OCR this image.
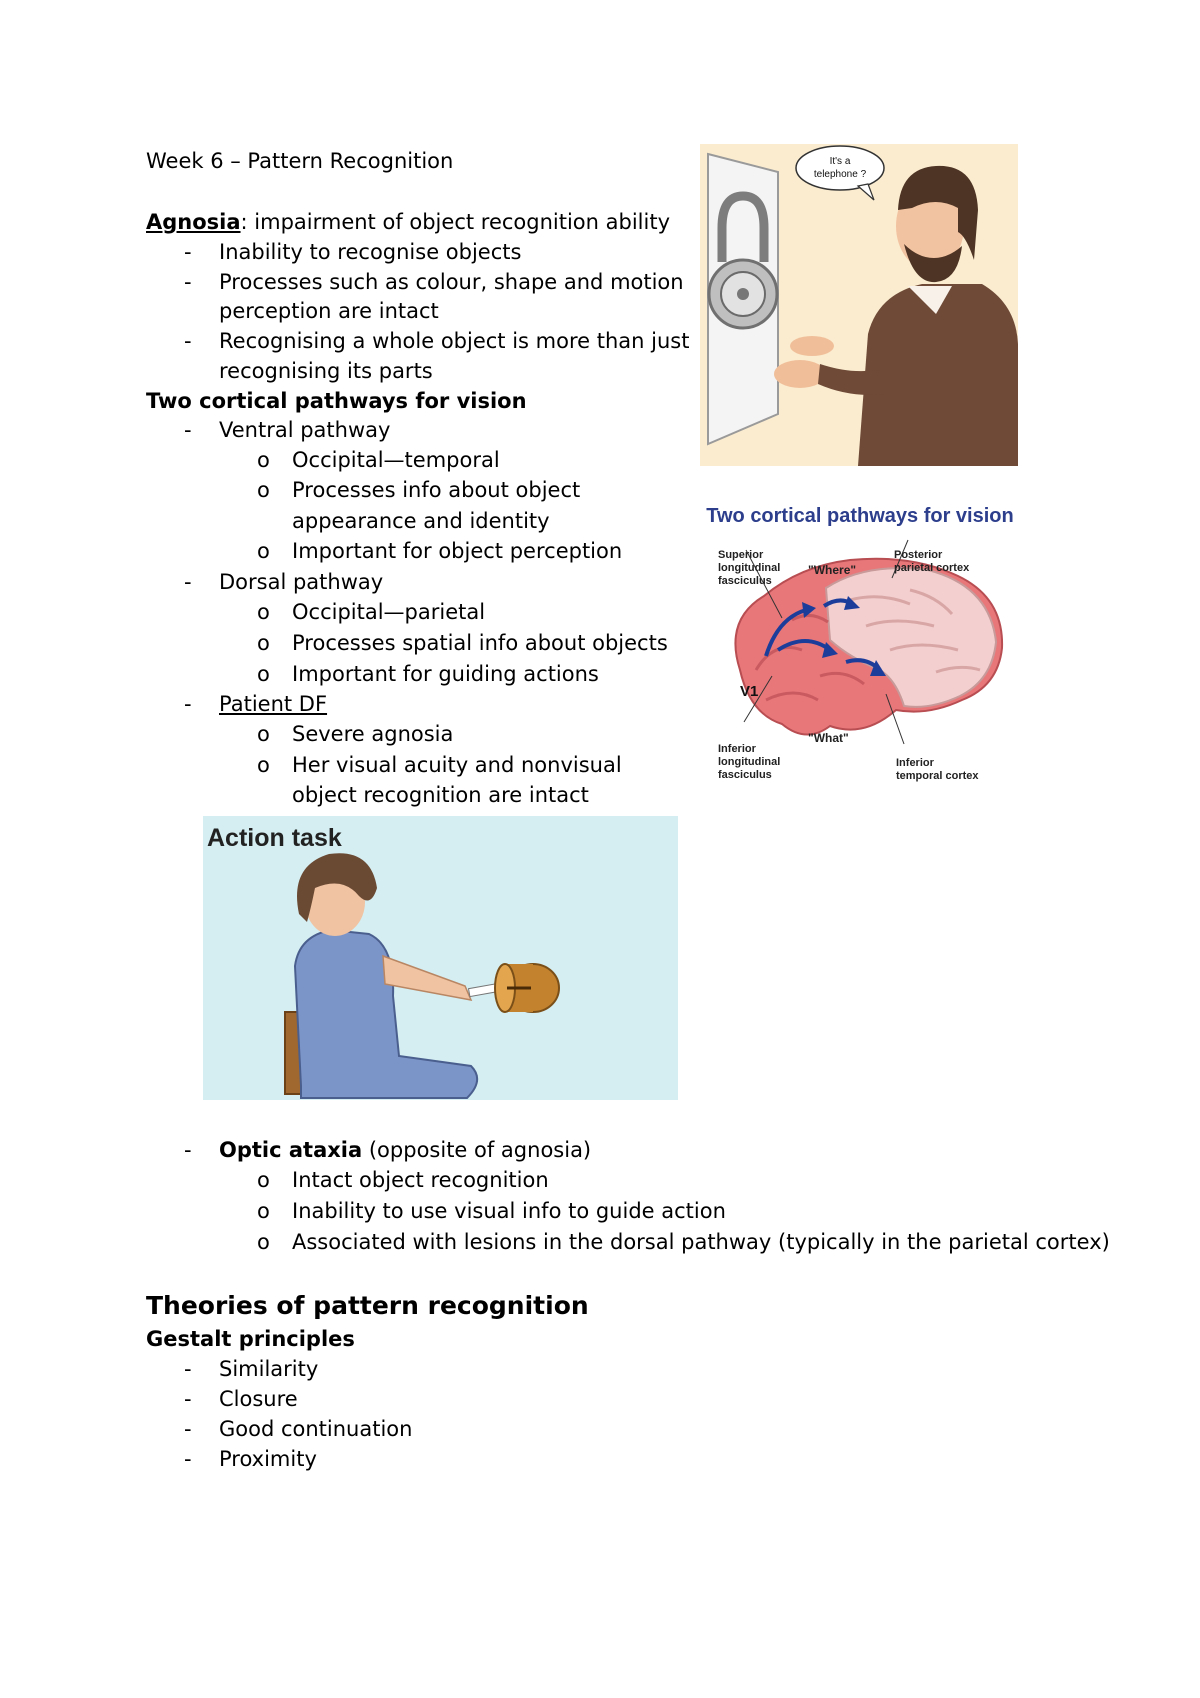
Week 6 – Pattern Recognition
Agnosia: impairment of object recognition ability
- Inability to recognise objects
- Processes such as colour, shape and motion
perception are intact
- Recognising a whole object is more than just
recognising its parts
Two cortical pathways for vision
- Ventral pathway
o Occipital—temporal
o Processes info about object
appearance and identity
o Important for object perception
- Dorsal pathway
o Occipital—parietal
o Processes spatial info about objects
o Important for guiding actions
- Patient DF
o Severe agnosia
o Her visual acuity and nonvisual
object recognition are intact
- Optic ataxia (opposite of agnosia)
o Intact object recognition
o Inability to use visual info to guide action
o Associated with lesions in the dorsal pathway (typically in the parietal cortex)
Theories of pattern recognition
Gestalt principles
- Similarity
- Closure
- Good continuation
- Proximity
It's a
telephone ?
Two cortical pathways for vision
Superior
longitudinal
fasciculus
"Where"
Posterior
parietal cortex
V1
"What"
Inferior
longitudinal
fasciculus
Inferior
temporal cortex
Action task
